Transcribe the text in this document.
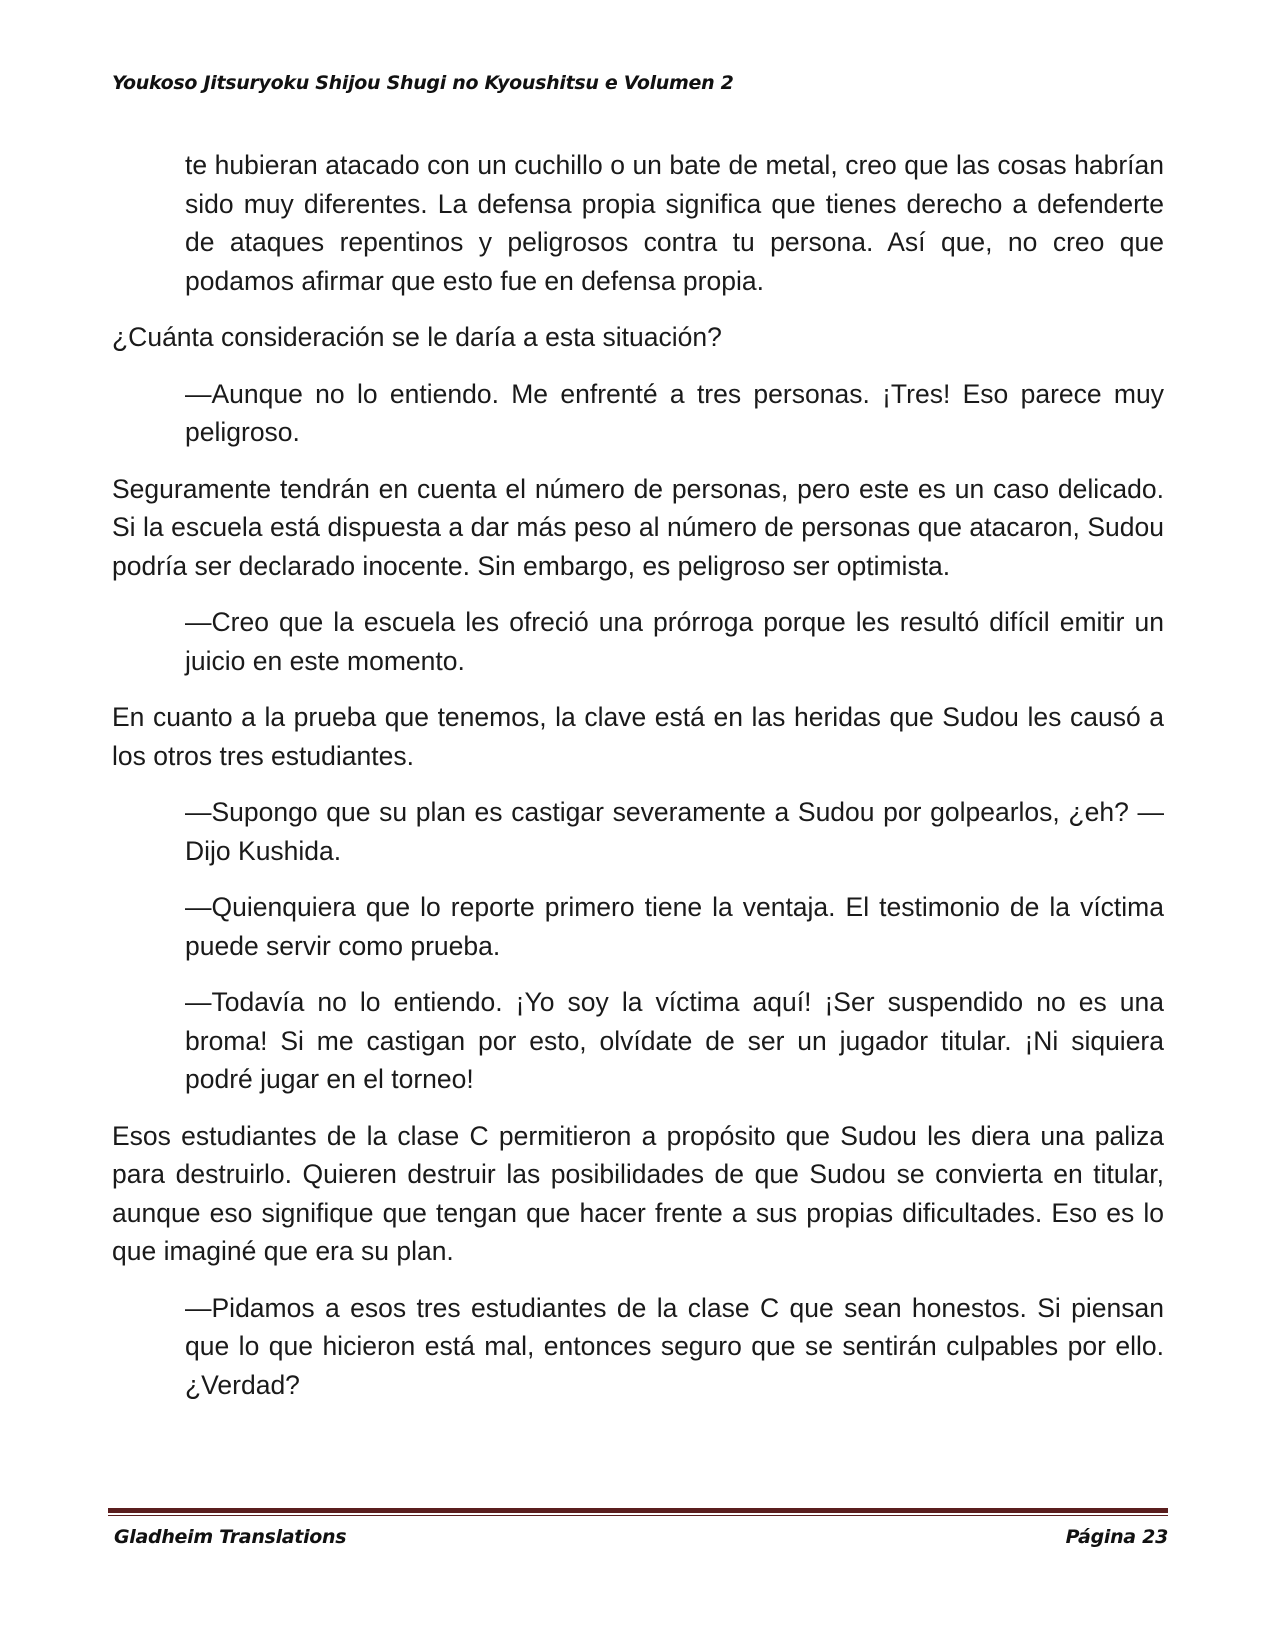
Youkoso Jitsuryoku Shijou Shugi no Kyoushitsu e Volumen 2

te hubieran atacado con un cuchillo o un bate de metal, creo que las cosas habrían sido muy diferentes. La defensa propia significa que tienes derecho a defenderte de ataques repentinos y peligrosos contra tu persona. Así que, no creo que podamos afirmar que esto fue en defensa propia.

¿Cuánta consideración se le daría a esta situación?

—Aunque no lo entiendo. Me enfrenté a tres personas. ¡Tres! Eso parece muy peligroso.

Seguramente tendrán en cuenta el número de personas, pero este es un caso delicado. Si la escuela está dispuesta a dar más peso al número de personas que atacaron, Sudou podría ser declarado inocente. Sin embargo, es peligroso ser optimista.

—Creo que la escuela les ofreció una prórroga porque les resultó difícil emitir un juicio en este momento.

En cuanto a la prueba que tenemos, la clave está en las heridas que Sudou les causó a los otros tres estudiantes.

—Supongo que su plan es castigar severamente a Sudou por golpearlos, ¿eh? —Dijo Kushida.

—Quienquiera que lo reporte primero tiene la ventaja. El testimonio de la víctima puede servir como prueba.

—Todavía no lo entiendo. ¡Yo soy la víctima aquí! ¡Ser suspendido no es una broma! Si me castigan por esto, olvídate de ser un jugador titular. ¡Ni siquiera podré jugar en el torneo!

Esos estudiantes de la clase C permitieron a propósito que Sudou les diera una paliza para destruirlo. Quieren destruir las posibilidades de que Sudou se convierta en titular, aunque eso signifique que tengan que hacer frente a sus propias dificultades. Eso es lo que imaginé que era su plan.

—Pidamos a esos tres estudiantes de la clase C que sean honestos. Si piensan que lo que hicieron está mal, entonces seguro que se sentirán culpables por ello. ¿Verdad?

Gladheim Translations	Página 23
